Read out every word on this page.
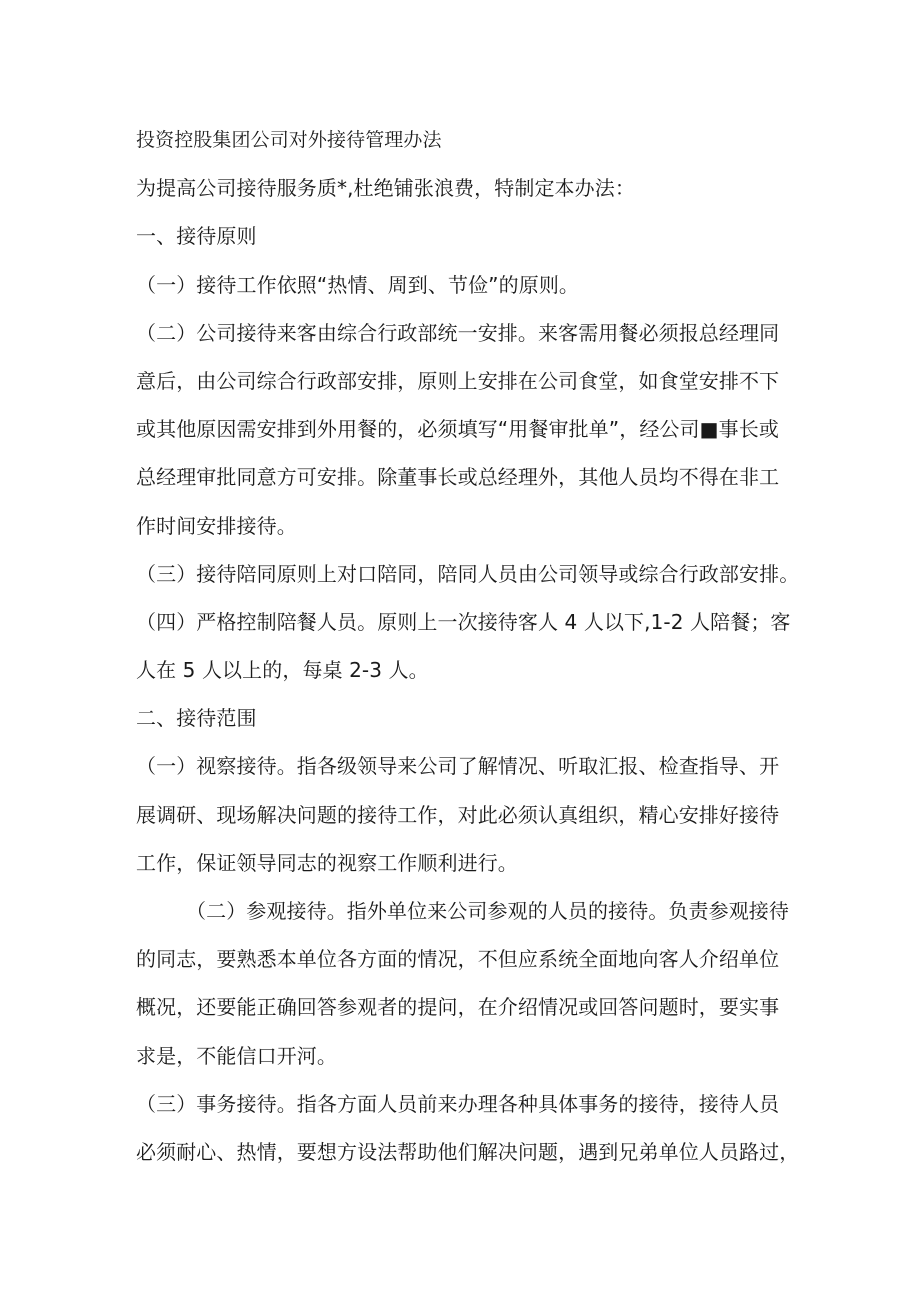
投资控股集团公司对外接待管理办法
为提高公司接待服务质*,杜绝铺张浪费，特制定本办法：
一、接待原则
（一）接待工作依照“热情、周到、节俭”的原则。
（二）公司接待来客由综合行政部统一安排。来客需用餐必须报总经理同
意后，由公司综合行政部安排，原则上安排在公司食堂，如食堂安排不下
或其他原因需安排到外用餐的，必须填写“用餐审批单”，经公司■事长或
总经理审批同意方可安排。除董事长或总经理外，其他人员均不得在非工
作时间安排接待。
（三）接待陪同原则上对口陪同，陪同人员由公司领导或综合行政部安排。
（四）严格控制陪餐人员。原则上一次接待客人 4 人以下,1-2 人陪餐；客
人在 5 人以上的，每桌 2-3 人。
二、接待范围
（一）视察接待。指各级领导来公司了解情况、听取汇报、检查指导、开
展调研、现场解决问题的接待工作，对此必须认真组织，精心安排好接待
工作，保证领导同志的视察工作顺利进行。
（二）参观接待。指外单位来公司参观的人员的接待。负责参观接待
的同志，要熟悉本单位各方面的情况，不但应系统全面地向客人介绍单位
概况，还要能正确回答参观者的提问，在介绍情况或回答问题时，要实事
求是，不能信口开河。
（三）事务接待。指各方面人员前来办理各种具体事务的接待，接待人员
必须耐心、热情，要想方设法帮助他们解决问题，遇到兄弟单位人员路过，
